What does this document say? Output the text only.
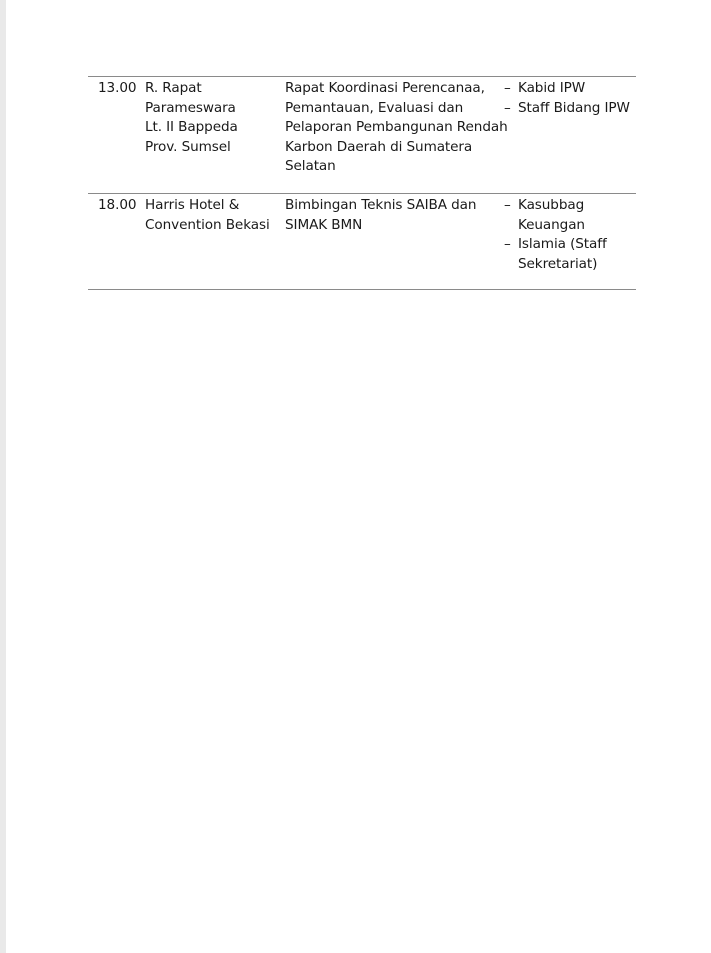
13.00 R. Rapat
Parameswara
Lt. II Bappeda
Prov. Sumsel
Rapat Koordinasi Perencanaa,
Pemantauan, Evaluasi dan
Pelaporan Pembangunan Rendah
Karbon Daerah di Sumatera
Selatan
– Kabid IPW
– Staff Bidang IPW
18.00 Harris Hotel &
Convention Bekasi
Bimbingan Teknis SAIBA dan
SIMAK BMN
– Kasubbag
Keuangan
– Islamia (Staff
Sekretariat)
